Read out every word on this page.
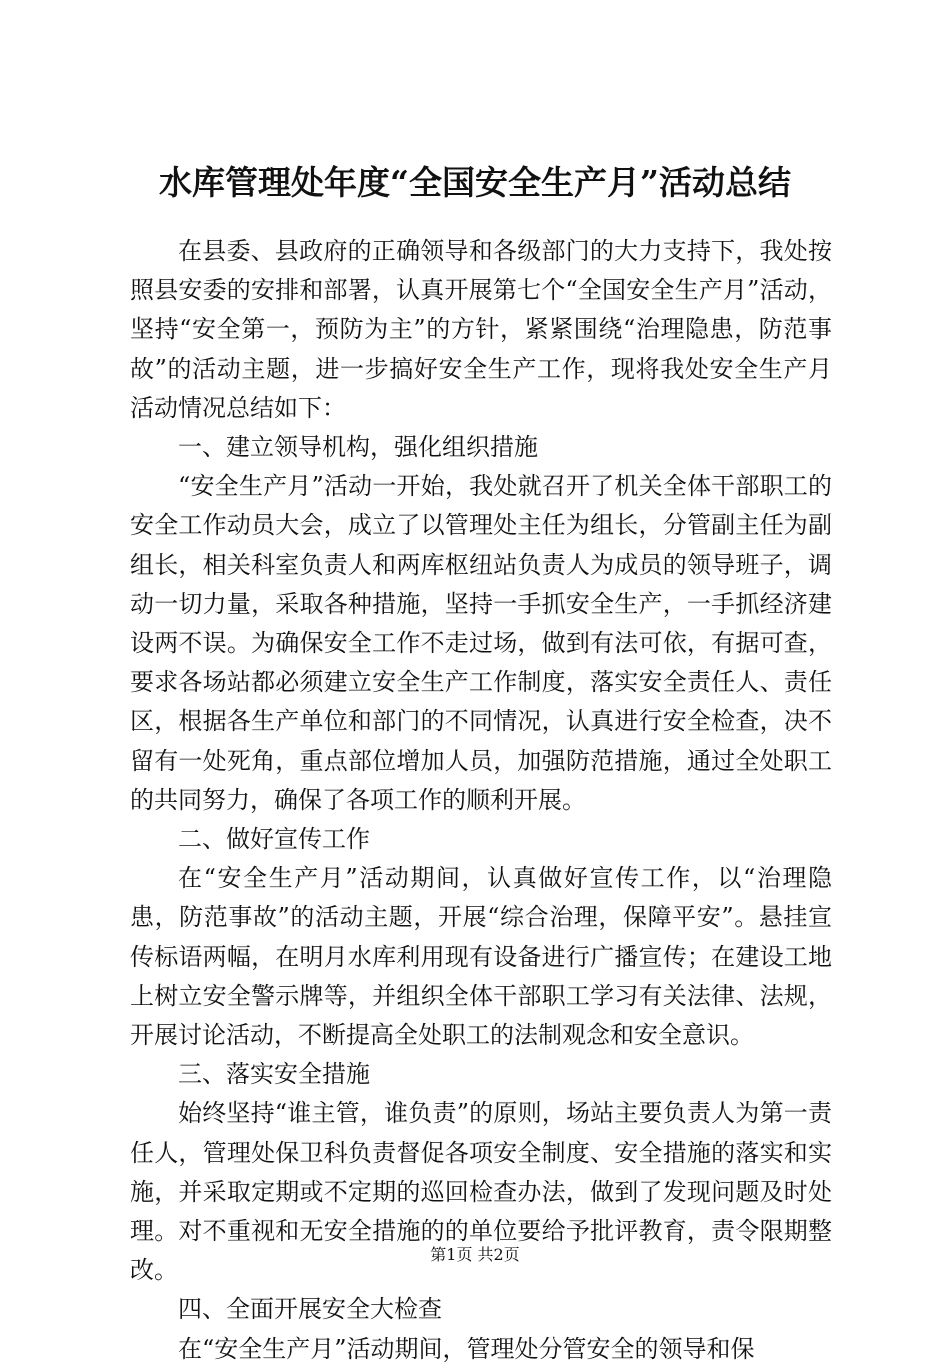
水库管理处年度“全国安全生产月”活动总结

在县委、县政府的正确领导和各级部门的大力支持下，我处按照县安委的安排和部署，认真开展第七个“全国安全生产月”活动，坚持“安全第一，预防为主”的方针，紧紧围绕“治理隐患，防范事故”的活动主题，进一步搞好安全生产工作，现将我处安全生产月活动情况总结如下：

一、建立领导机构，强化组织措施

“安全生产月”活动一开始，我处就召开了机关全体干部职工的安全工作动员大会，成立了以管理处主任为组长，分管副主任为副组长，相关科室负责人和两库枢纽站负责人为成员的领导班子，调动一切力量，采取各种措施，坚持一手抓安全生产，一手抓经济建设两不误。为确保安全工作不走过场，做到有法可依，有据可查，要求各场站都必须建立安全生产工作制度，落实安全责任人、责任区，根据各生产单位和部门的不同情况，认真进行安全检查，决不留有一处死角，重点部位增加人员，加强防范措施，通过全处职工的共同努力，确保了各项工作的顺利开展。

二、做好宣传工作

在“安全生产月”活动期间，认真做好宣传工作，以“治理隐患，防范事故”的活动主题，开展“综合治理，保障平安”。悬挂宣传标语两幅，在明月水库利用现有设备进行广播宣传；在建设工地上树立安全警示牌等，并组织全体干部职工学习有关法律、法规，开展讨论活动，不断提高全处职工的法制观念和安全意识。

三、落实安全措施

始终坚持“谁主管，谁负责”的原则，场站主要负责人为第一责任人，管理处保卫科负责督促各项安全制度、安全措施的落实和实施，并采取定期或不定期的巡回检查办法，做到了发现问题及时处理。对不重视和无安全措施的的单位要给予批评教育，责令限期整改。

四、全面开展安全大检查

在“安全生产月”活动期间，管理处分管安全的领导和保

第1页 共2页
